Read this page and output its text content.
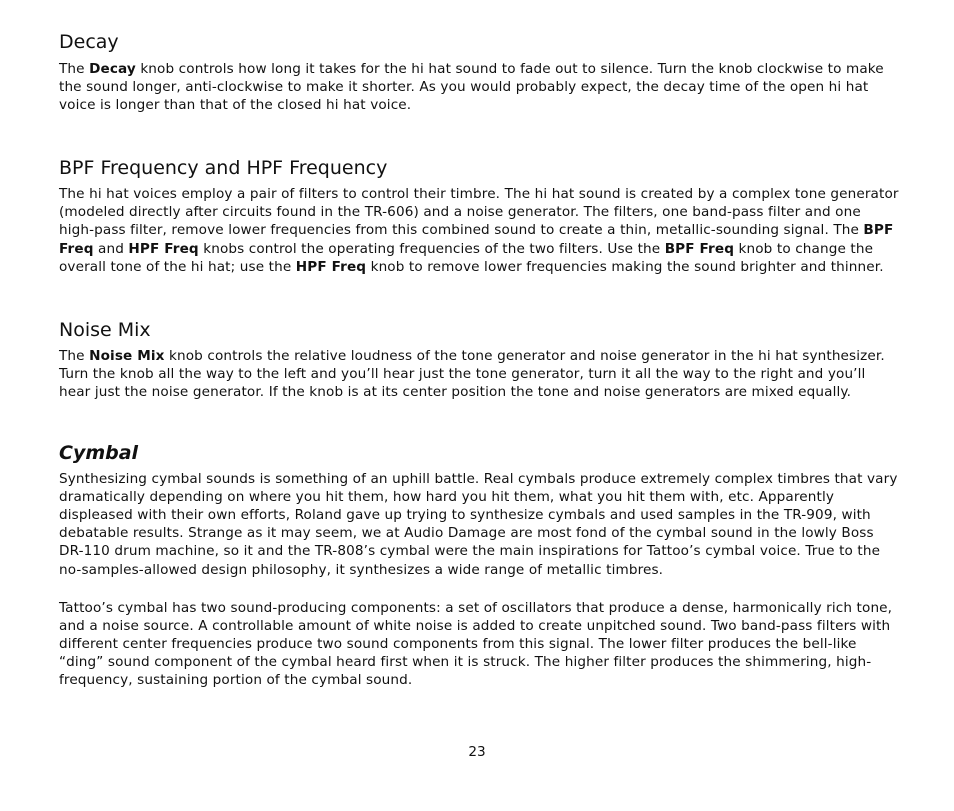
Decay

The Decay knob controls how long it takes for the hi hat sound to fade out to silence. Turn the knob clockwise to make the sound longer, anti-clockwise to make it shorter. As you would probably expect, the decay time of the open hi hat voice is longer than that of the closed hi hat voice.

BPF Frequency and HPF Frequency

The hi hat voices employ a pair of filters to control their timbre. The hi hat sound is created by a complex tone generator (modeled directly after circuits found in the TR-606) and a noise generator. The filters, one band-pass filter and one high-pass filter, remove lower frequencies from this combined sound to create a thin, metallic-sounding signal. The BPF Freq and HPF Freq knobs control the operating frequencies of the two filters. Use the BPF Freq knob to change the overall tone of the hi hat; use the HPF Freq knob to remove lower frequencies making the sound brighter and thinner.

Noise Mix

The Noise Mix knob controls the relative loudness of the tone generator and noise generator in the hi hat synthesizer. Turn the knob all the way to the left and you’ll hear just the tone generator, turn it all the way to the right and you’ll hear just the noise generator. If the knob is at its center position the tone and noise generators are mixed equally.

Cymbal

Synthesizing cymbal sounds is something of an uphill battle. Real cymbals produce extremely complex timbres that vary dramatically depending on where you hit them, how hard you hit them, what you hit them with, etc. Apparently displeased with their own efforts, Roland gave up trying to synthesize cymbals and used samples in the TR-909, with debatable results. Strange as it may seem, we at Audio Damage are most fond of the cymbal sound in the lowly Boss DR-110 drum machine, so it and the TR-808’s cymbal were the main inspirations for Tattoo’s cymbal voice. True to the no-samples-allowed design philosophy, it synthesizes a wide range of metallic timbres.

Tattoo’s cymbal has two sound-producing components: a set of oscillators that produce a dense, harmonically rich tone, and a noise source. A controllable amount of white noise is added to create unpitched sound. Two band-pass filters with different center frequencies produce two sound components from this signal. The lower filter produces the bell-like “ding” sound component of the cymbal heard first when it is struck. The higher filter produces the shimmering, high-frequency, sustaining portion of the cymbal sound.

23
